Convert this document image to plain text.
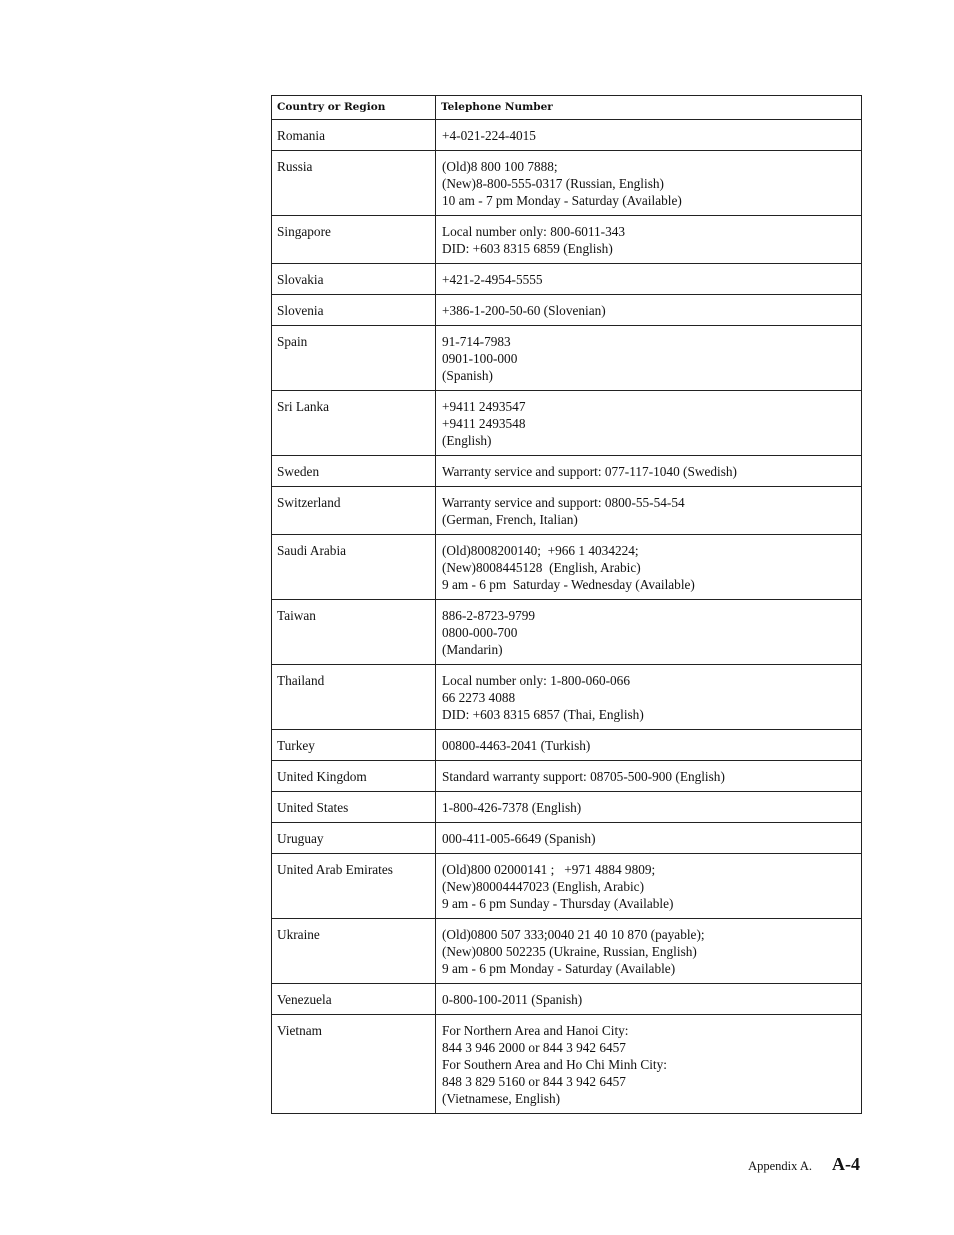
Country or Region	Telephone Number
Romania	+4-021-224-4015

Russia	(Old)8 800 100 7888;
(New)8-800-555-0317 (Russian, English)
10 am - 7 pm Monday - Saturday (Available)

Singapore	Local number only: 800-6011-343
DID: +603 8315 6859 (English)

Slovakia	+421-2-4954-5555

Slovenia	+386-1-200-50-60 (Slovenian)

Spain	91-714-7983
0901-100-000
(Spanish)

Sri Lanka	+9411 2493547
+9411 2493548
(English)

Sweden	Warranty service and support: 077-117-1040 (Swedish)

Switzerland	Warranty service and support: 0800-55-54-54
(German, French, Italian)

Saudi Arabia	(Old)8008200140;  +966 1 4034224;
(New)8008445128  (English, Arabic)
9 am - 6 pm  Saturday - Wednesday (Available)

Taiwan	886-2-8723-9799
0800-000-700
(Mandarin)

Thailand	Local number only: 1-800-060-066
66 2273 4088
DID: +603 8315 6857 (Thai, English)

Turkey	00800-4463-2041 (Turkish)

United Kingdom	Standard warranty support: 08705-500-900 (English)

United States	1-800-426-7378 (English)

Uruguay	000-411-005-6649 (Spanish)

United Arab Emirates	(Old)800 02000141 ;   +971 4884 9809;
(New)80004447023 (English, Arabic)
9 am - 6 pm Sunday - Thursday (Available)

Ukraine	(Old)0800 507 333;0040 21 40 10 870 (payable);
(New)0800 502235 (Ukraine, Russian, English)
9 am - 6 pm Monday - Saturday (Available)

Venezuela	0-800-100-2011 (Spanish)

Vietnam	For Northern Area and Hanoi City:
844 3 946 2000 or 844 3 942 6457
For Southern Area and Ho Chi Minh City:
848 3 829 5160 or 844 3 942 6457
(Vietnamese, English)
Appendix A. A-4
